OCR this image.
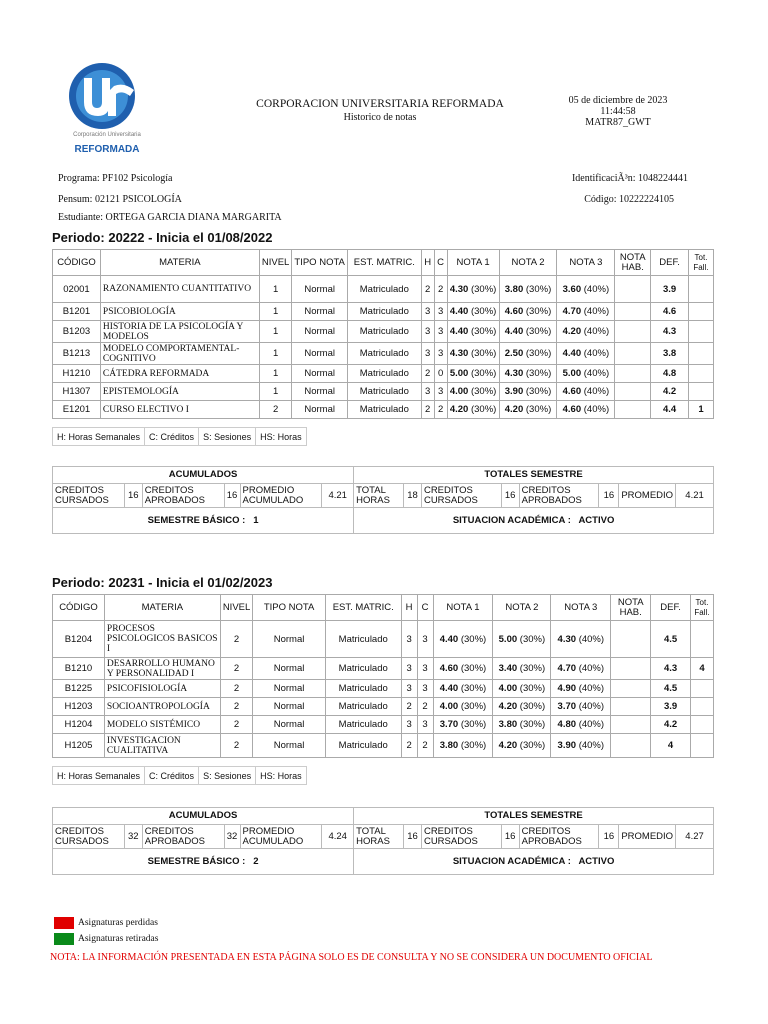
Corporación Universitaria
REFORMADA
CORPORACION UNIVERSITARIA REFORMADA
Historico de notas
05 de diciembre de 2023
11:44:58
MATR87_GWT
Programa: PF102 Psicología
Pensum: 02121 PSICOLOGÍA
Estudiante: ORTEGA GARCIA DIANA MARGARITA
IdentificaciÃ³n: 1048224441
Código: 10222224105
Periodo: 20222 - Inicia el 01/08/2022
CÓDIGO	MATERIA	NIVEL	TIPO NOTA	EST. MATRIC.	H	C	NOTA 1	NOTA 2	NOTA 3	NOTA HAB.	DEF.	Tot. Fall.
02001	RAZONAMIENTO CUANTITATIVO	1	Normal	Matriculado	2	2	4.30 (30%)	3.80 (30%)	3.60 (40%)		3.9	
B1201	PSICOBIOLOGÍA	1	Normal	Matriculado	3	3	4.40 (30%)	4.60 (30%)	4.70 (40%)		4.6	
B1203	HISTORIA DE LA PSICOLOGÍA Y MODELOS	1	Normal	Matriculado	3	3	4.40 (30%)	4.40 (30%)	4.20 (40%)		4.3	
B1213	MODELO COMPORTAMENTAL-COGNITIVO	1	Normal	Matriculado	3	3	4.30 (30%)	2.50 (30%)	4.40 (40%)		3.8	
H1210	CÁTEDRA REFORMADA	1	Normal	Matriculado	2	0	5.00 (30%)	4.30 (30%)	5.00 (40%)		4.8	
H1307	EPISTEMOLOGÍA	1	Normal	Matriculado	3	3	4.00 (30%)	3.90 (30%)	4.60 (40%)		4.2	
E1201	CURSO ELECTIVO I	2	Normal	Matriculado	2	2	4.20 (30%)	4.20 (30%)	4.60 (40%)		4.4	1
H: Horas Semanales	C: Créditos	S: Sesiones	HS: Horas
ACUMULADOS						TOTALES SEMESTRE							
CREDITOS CURSADOS	16	CREDITOS APROBADOS	16	PROMEDIO ACUMULADO	4.21	TOTAL HORAS	18	CREDITOS CURSADOS	16	CREDITOS APROBADOS	16	PROMEDIO	4.21
SEMESTRE BÁSICO : 1						SITUACION ACADÉMICA : ACTIVO							
Periodo: 20231 - Inicia el 01/02/2023
CÓDIGO	MATERIA	NIVEL	TIPO NOTA	EST. MATRIC.	H	C	NOTA 1	NOTA 2	NOTA 3	NOTA HAB.	DEF.	Tot. Fall.
B1204	PROCESOS PSICOLOGICOS BASICOS I	2	Normal	Matriculado	3	3	4.40 (30%)	5.00 (30%)	4.30 (40%)		4.5	
B1210	DESARROLLO HUMANO Y PERSONALIDAD I	2	Normal	Matriculado	3	3	4.60 (30%)	3.40 (30%)	4.70 (40%)		4.3	4
B1225	PSICOFISIOLOGÍA	2	Normal	Matriculado	3	3	4.40 (30%)	4.00 (30%)	4.90 (40%)		4.5	
H1203	SOCIOANTROPOLOGÍA	2	Normal	Matriculado	2	2	4.00 (30%)	4.20 (30%)	3.70 (40%)		3.9	
H1204	MODELO SISTÉMICO	2	Normal	Matriculado	3	3	3.70 (30%)	3.80 (30%)	4.80 (40%)		4.2	
H1205	INVESTIGACION CUALITATIVA	2	Normal	Matriculado	2	2	3.80 (30%)	4.20 (30%)	3.90 (40%)		4	
H: Horas Semanales	C: Créditos	S: Sesiones	HS: Horas
ACUMULADOS						TOTALES SEMESTRE							
CREDITOS CURSADOS	32	CREDITOS APROBADOS	32	PROMEDIO ACUMULADO	4.24	TOTAL HORAS	16	CREDITOS CURSADOS	16	CREDITOS APROBADOS	16	PROMEDIO	4.27
SEMESTRE BÁSICO : 2						SITUACION ACADÉMICA : ACTIVO							
Asignaturas perdidas
Asignaturas retiradas
NOTA: LA INFORMACIÓN PRESENTADA EN ESTA PÁGINA SOLO ES DE CONSULTA Y NO SE CONSIDERA UN DOCUMENTO OFICIAL
